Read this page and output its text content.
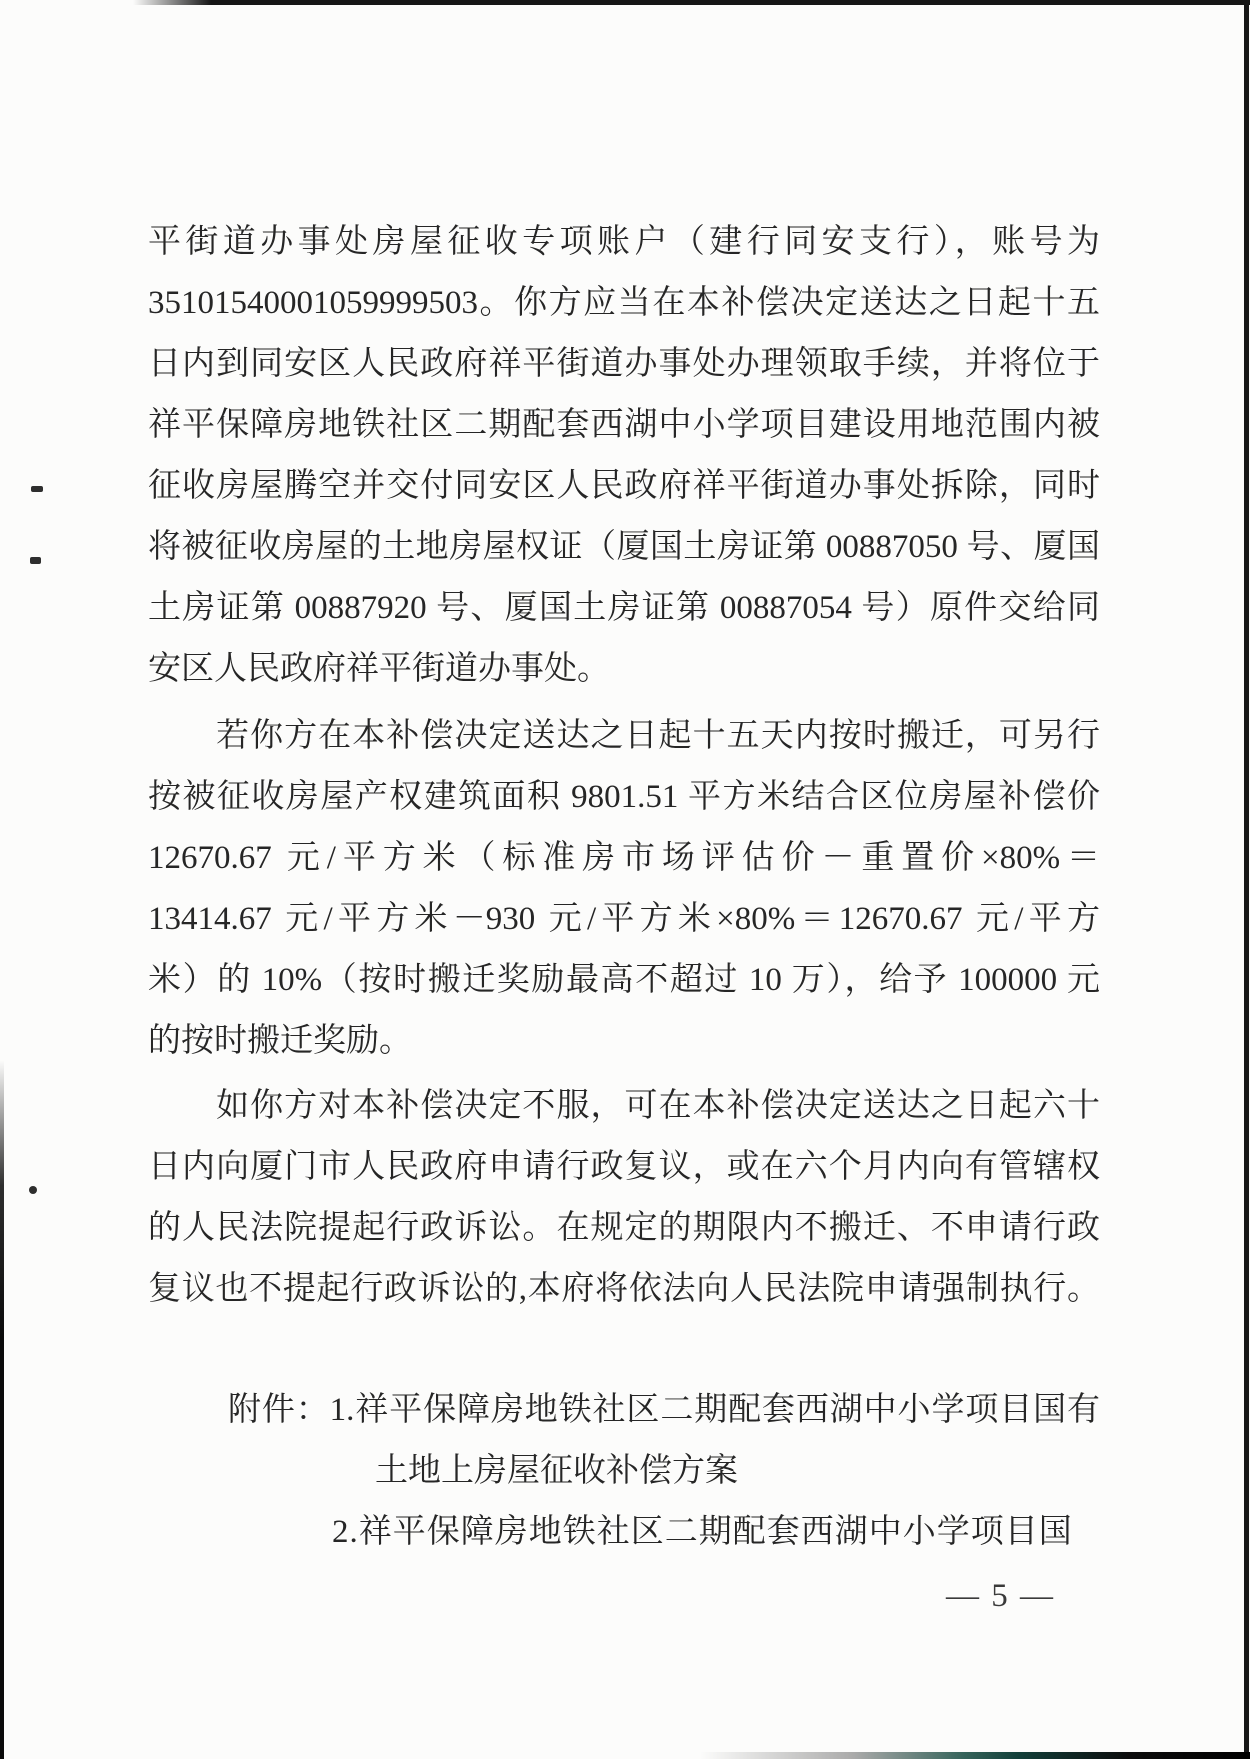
平街道办事处房屋征收专项账户（建行同安支行），账号为
35101540001059999503。你方应当在本补偿决定送达之日起十五
日内到同安区人民政府祥平街道办事处办理领取手续，并将位于
祥平保障房地铁社区二期配套西湖中小学项目建设用地范围内被
征收房屋腾空并交付同安区人民政府祥平街道办事处拆除，同时
将被征收房屋的土地房屋权证（厦国土房证第 00887050 号、厦国
土房证第 00887920 号、厦国土房证第 00887054 号）原件交给同
安区人民政府祥平街道办事处。
　　若你方在本补偿决定送达之日起十五天内按时搬迁，可另行
按被征收房屋产权建筑面积 9801.51 平方米结合区位房屋补偿价
12670.67 元/平方米（标准房市场评估价－重置价×80%＝
13414.67 元/平方米－930 元/平方米×80%＝12670.67 元/平方
米）的 10%（按时搬迁奖励最高不超过 10 万），给予 100000 元
的按时搬迁奖励。
　　如你方对本补偿决定不服，可在本补偿决定送达之日起六十
日内向厦门市人民政府申请行政复议，或在六个月内向有管辖权
的人民法院提起行政诉讼。在规定的期限内不搬迁、不申请行政
复议也不提起行政诉讼的,本府将依法向人民法院申请强制执行。
附件：1.祥平保障房地铁社区二期配套西湖中小学项目国有
土地上房屋征收补偿方案
2.祥平保障房地铁社区二期配套西湖中小学项目国
— 5 —
